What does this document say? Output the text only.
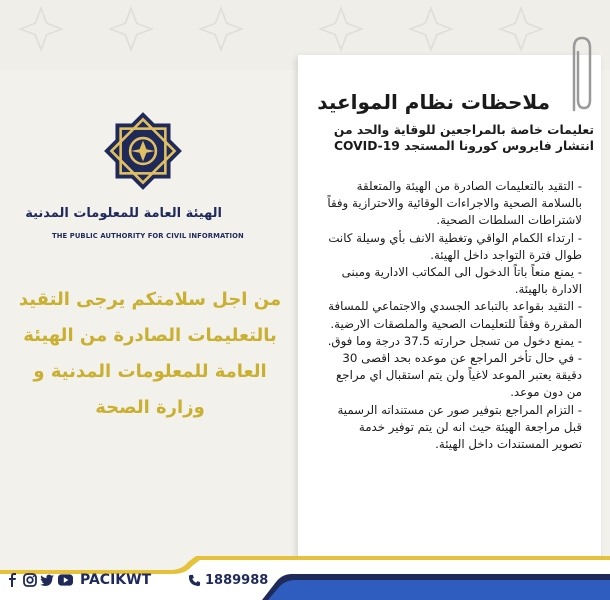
الهيئة العامة للمعلومات المدنية
THE PUBLIC AUTHORITY FOR CIVIL INFORMATION
من اجل سلامتكم يرجى التقيد بالتعليمات الصادرة من الهيئة العامة للمعلومات المدنية و وزارة الصحة
ملاحظات نظام المواعيد
تعليمات خاصة بالمراجعين للوقاية والحد من انتشار فايروس كورونا المستجد COVID-19
- التقيد بالتعليمات الصادرة من الهيئة والمتعلقة بالسلامة الصحية والاجراءات الوقائية والاحترازية وفقاً لاشتراطات السلطات الصحية.
- ارتداء الكمام الواقي وتغطية الانف بأي وسيلة كانت طوال فترة التواجد داخل الهيئة.
- يمنع منعاً باتاً الدخول الى المكاتب الادارية ومبنى الادارة بالهيئة.
- التقيد بقواعد بالتباعد الجسدي والاجتماعي للمسافة المقررة وفقاً للتعليمات الصحية والملصقات الارضية.
- يمنع دخول من تسجل حرارته 37.5 درجة وما فوق.
- في حال تأخر المراجع عن موعده بحد اقصى 30 دقيقة يعتبر الموعد لاغياً ولن يتم استقبال اي مراجع من دون موعد.
- التزام المراجع بتوفير صور عن مستنداته الرسمية قبل مراجعة الهيئة حيث انه لن يتم توفير خدمة تصوير المستندات داخل الهيئة.
PACIKWT	1889988
